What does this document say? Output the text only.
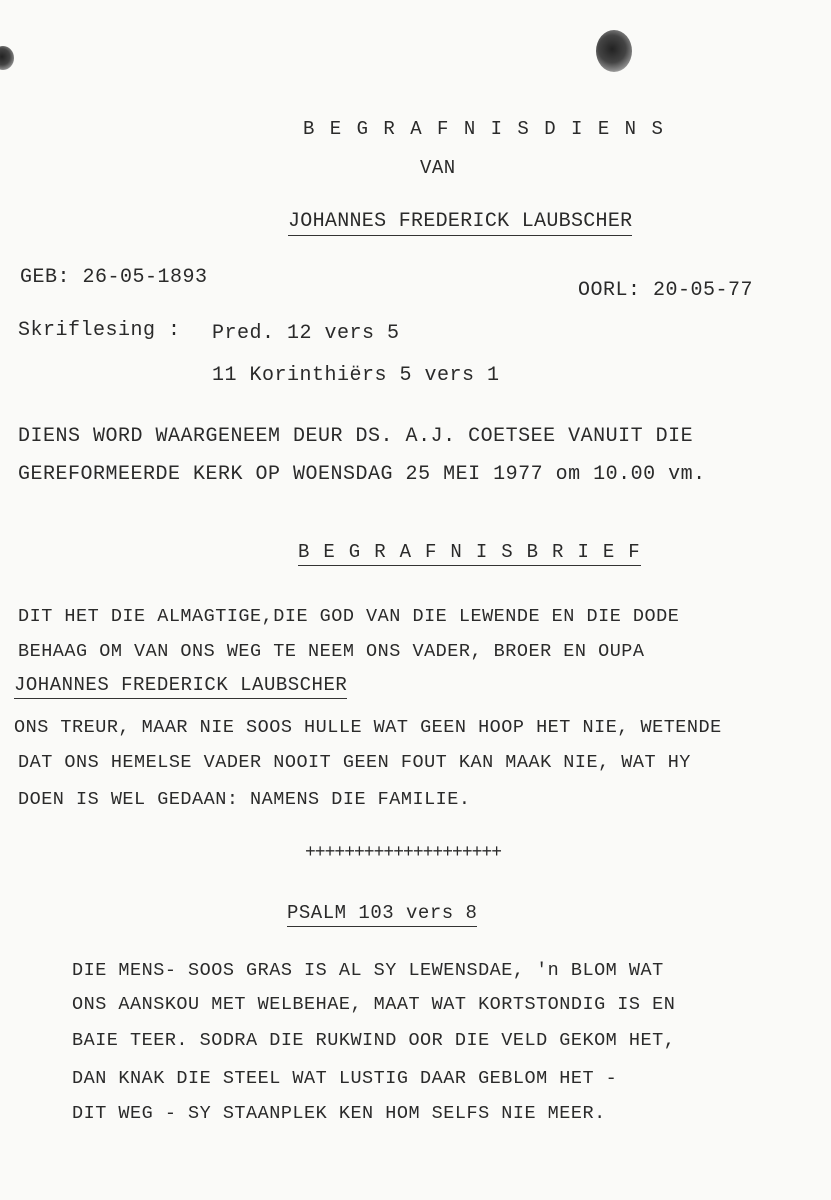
B E G R A F N I S D I E N S
VAN
JOHANNES FREDERICK LAUBSCHER
GEB: 26-05-1893
OORL: 20-05-77
Skriflesing : Pred. 12 vers 5
11 Korinthiërs 5 vers 1
DIENS WORD WAARGENEEM DEUR DS. A.J. COETSEE VANUIT DIE
GEREFORMEERDE KERK OP WOENSDAG 25 MEI 1977 om 10.00 vm.
B E G R A F N I S B R I E F
DIT HET DIE ALMAGTIGE,DIE GOD VAN DIE LEWENDE EN DIE DODE
BEHAAG OM VAN ONS WEG TE NEEM ONS VADER, BROER EN OUPA
JOHANNES FREDERICK LAUBSCHER
ONS TREUR, MAAR NIE SOOS HULLE WAT GEEN HOOP HET NIE, WETENDE
DAT ONS HEMELSE VADER NOOIT GEEN FOUT KAN MAAK NIE, WAT HY
DOEN IS WEL GEDAAN: NAMENS DIE FAMILIE.
++++++++++++++++++++
PSALM 103 vers 8
DIE MENS- SOOS GRAS IS AL SY LEWENSDAE, 'n BLOM WAT
ONS AANSKOU MET WELBEHAE, MAAT WAT KORTSTONDIG IS EN
BAIE TEER. SODRA DIE RUKWIND OOR DIE VELD GEKOM HET,
DAN KNAK DIE STEEL WAT LUSTIG DAAR GEBLOM HET -
DIT WEG - SY STAANPLEK KEN HOM SELFS NIE MEER.
